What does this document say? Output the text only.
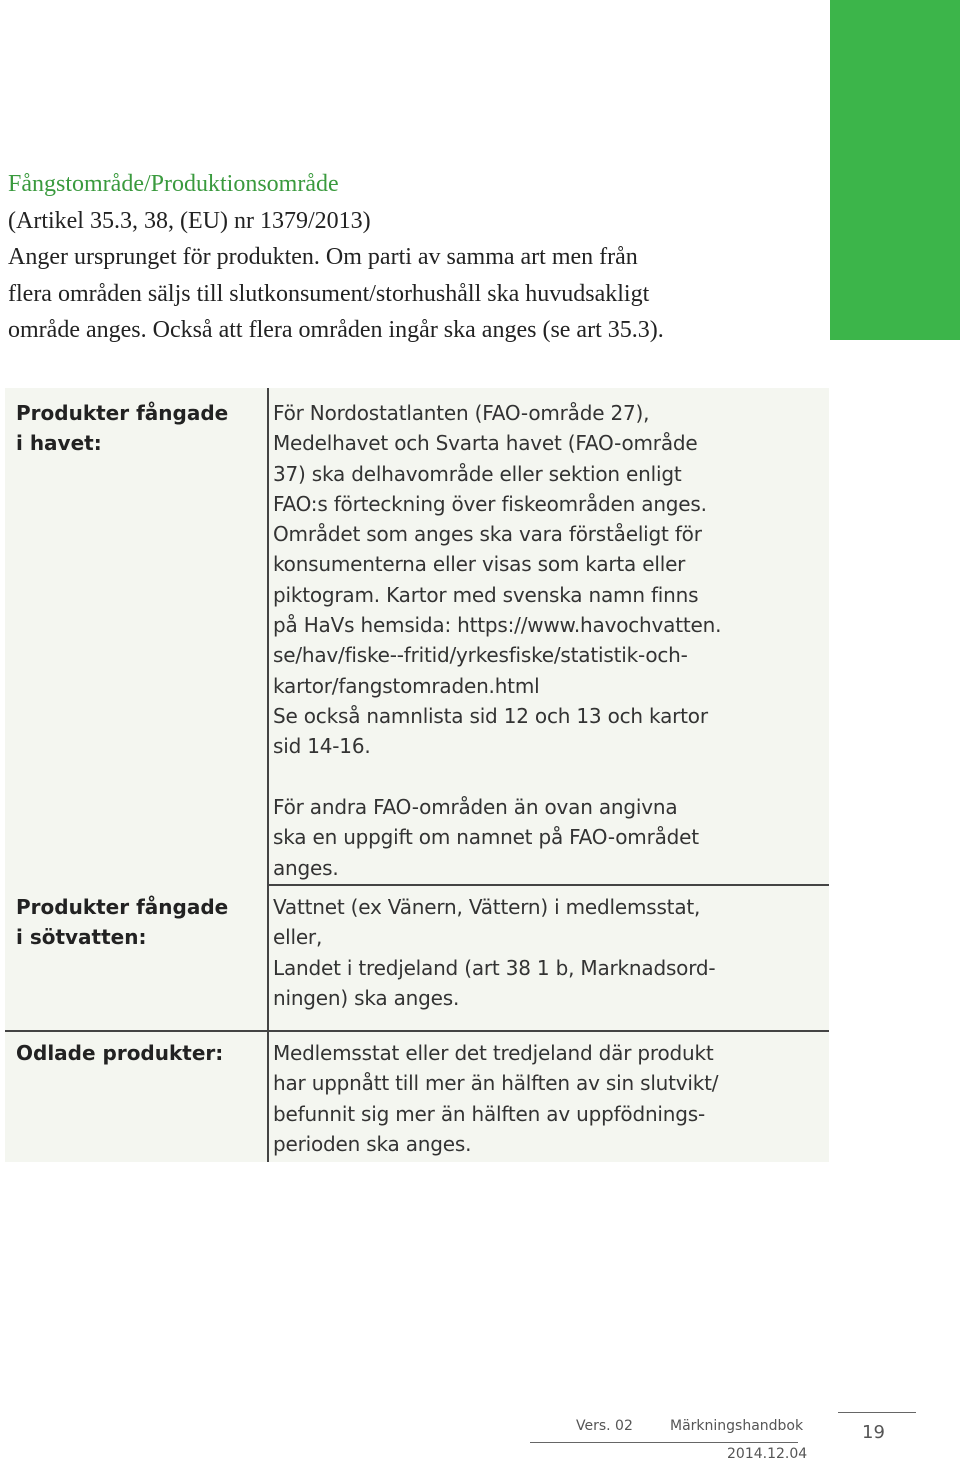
Fångstområde/Produktionsområde
(Artikel 35.3, 38, (EU) nr 1379/2013)
Anger ursprunget för produkten. Om parti av samma art men från
flera områden säljs till slutkonsument/storhushåll ska huvudsakligt
område anges. Också att flera områden ingår ska anges (se art 35.3).
Produkter fångade
i havet:
För Nordostatlanten (FAO-område 27),
Medelhavet och Svarta havet (FAO-område
37) ska delhavområde eller sektion enligt
FAO:s förteckning över fiskeområden anges.
Området som anges ska vara förståeligt för
konsumenterna eller visas som karta eller
piktogram. Kartor med svenska namn finns
på HaVs hemsida: https://www.havochvatten.
se/hav/fiske--fritid/yrkesfiske/statistik-och-
kartor/fangstomraden.html
Se också namnlista sid 12 och 13 och kartor
sid 14-16.
För andra FAO-områden än ovan angivna
ska en uppgift om namnet på FAO-området
anges.
Produkter fångade
i sötvatten:
Vattnet (ex Vänern, Vättern) i medlemsstat,
eller,
Landet i tredjeland (art 38 1 b, Marknadsord-
ningen) ska anges.
Odlade produkter:	Medlemsstat eller det tredjeland där produkt
har uppnått till mer än hälften av sin slutvikt/
befunnit sig mer än hälften av uppfödnings-
perioden ska anges.
Vers. 02	Märkningshandbok
2014.12.04
19
